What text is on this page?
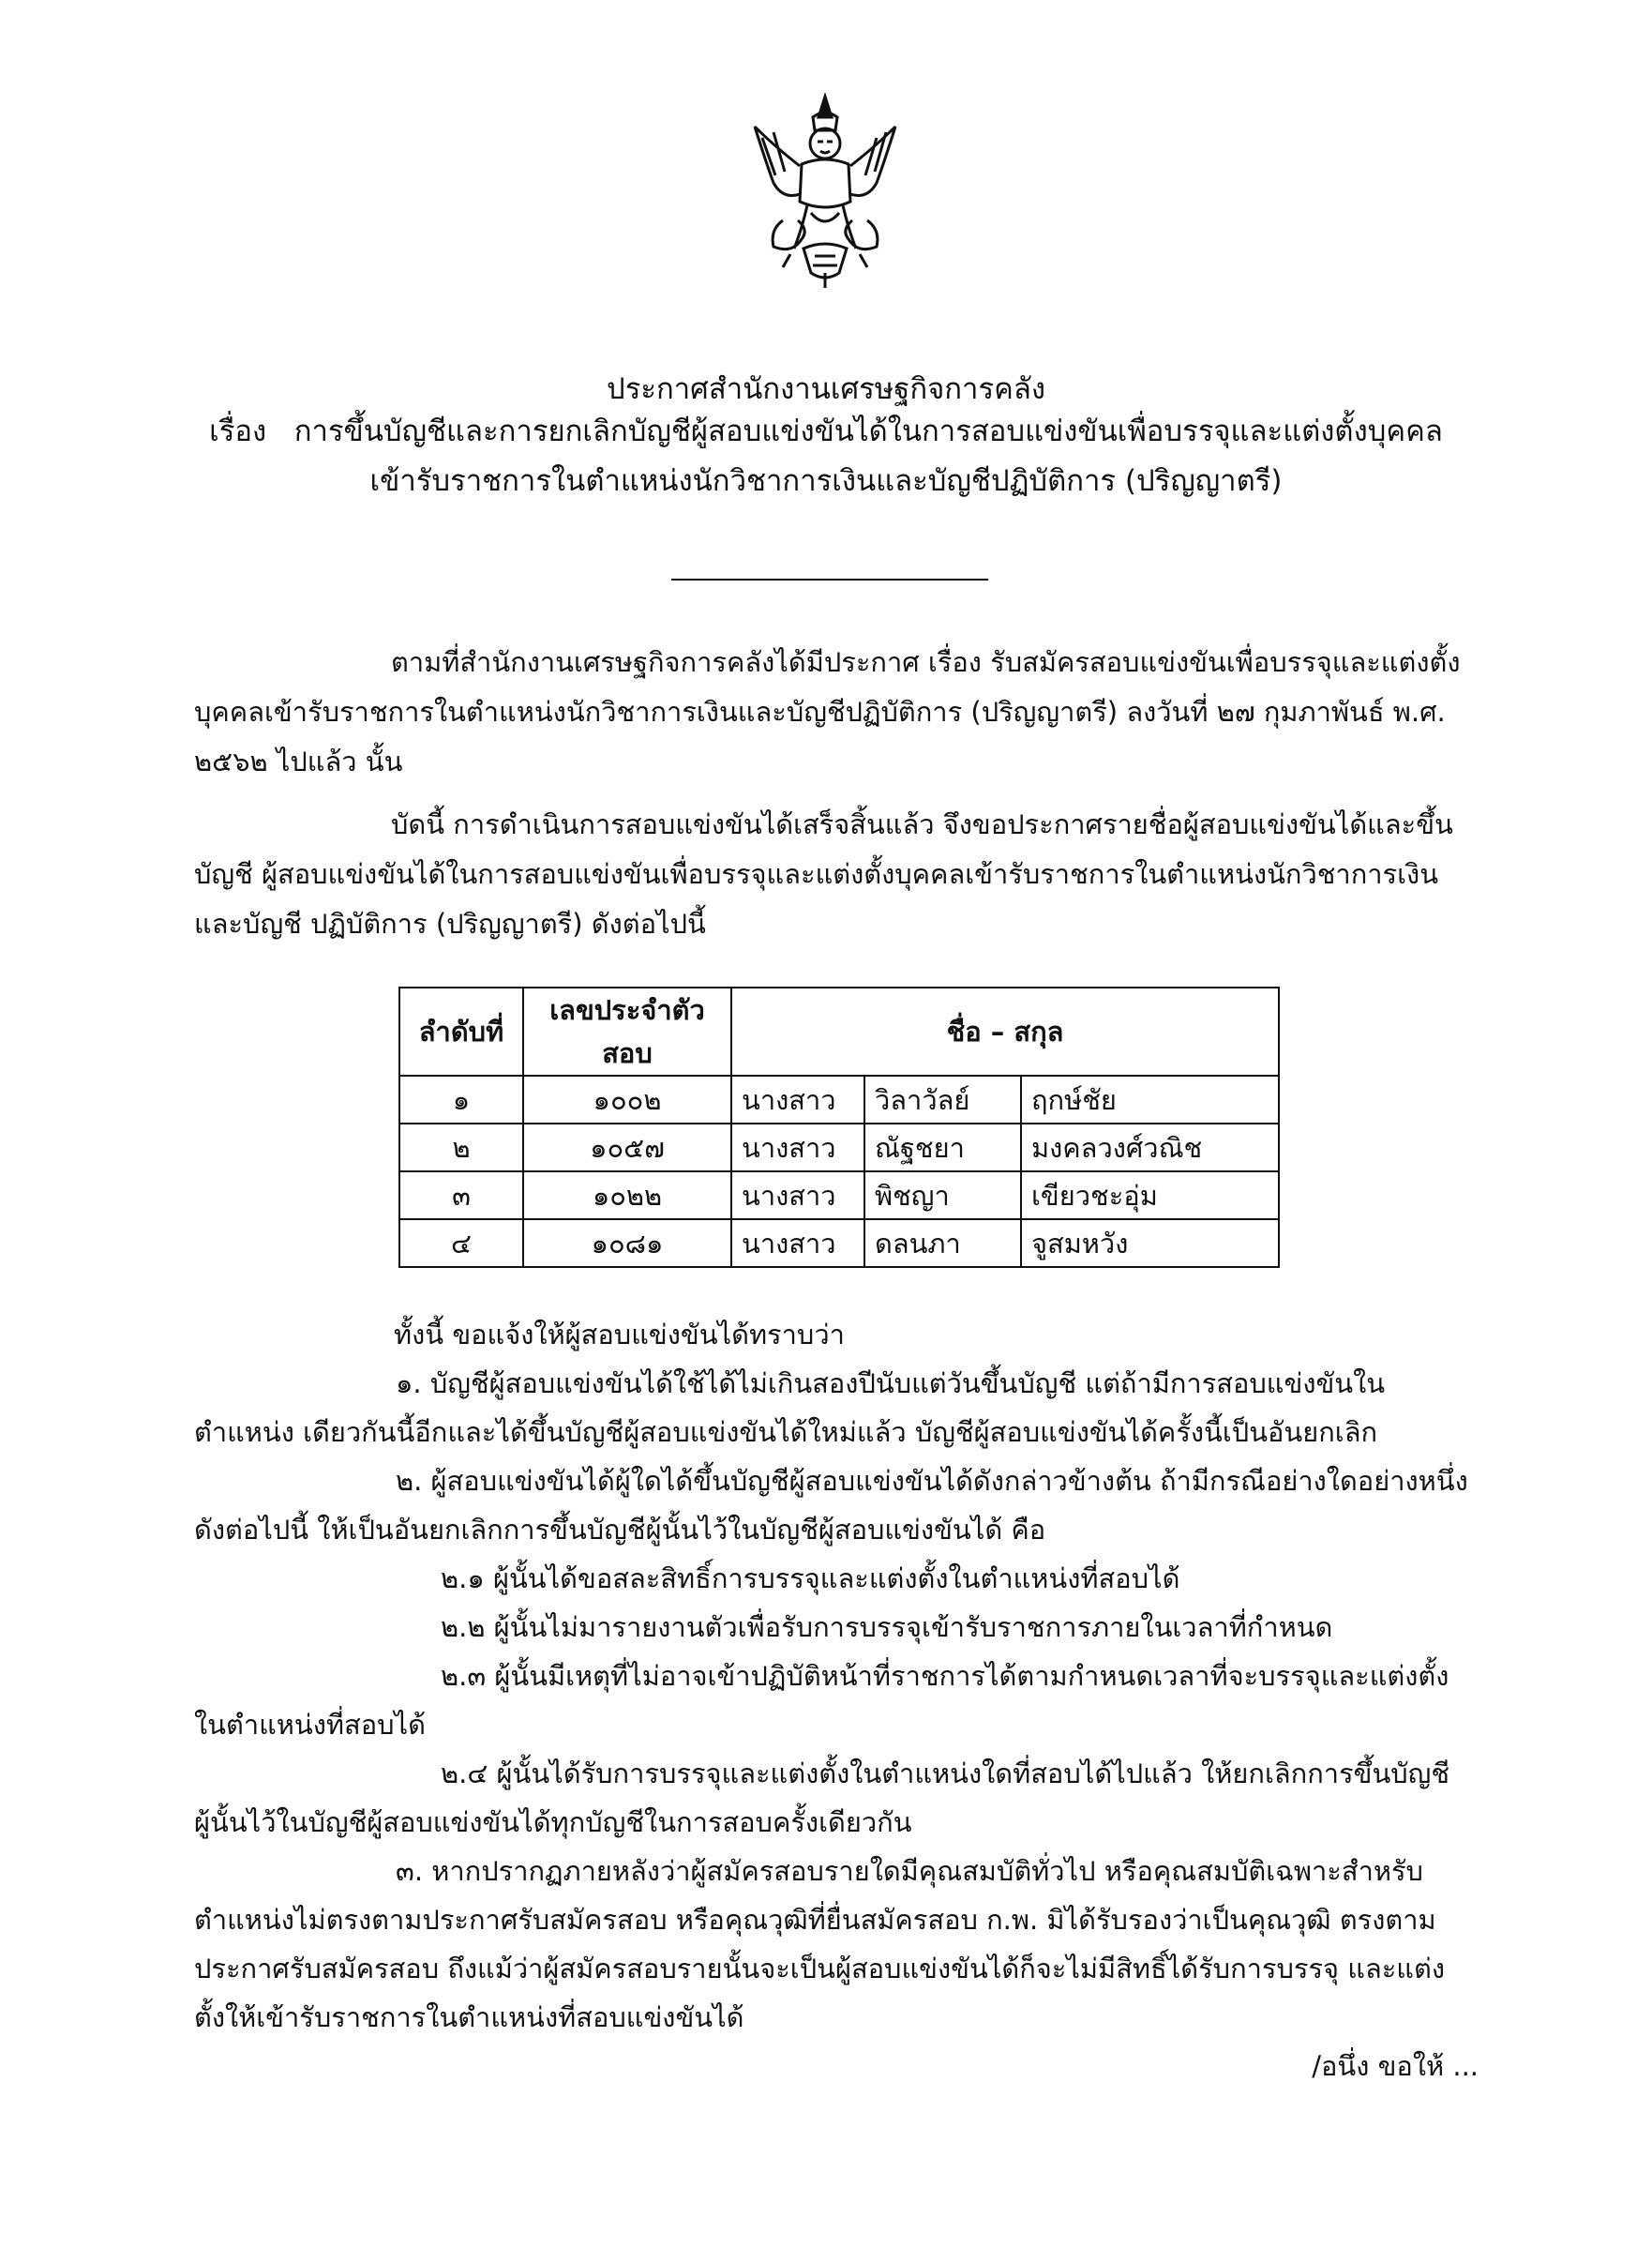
ประกาศสำนักงานเศรษฐกิจการคลัง
เรื่อง   การขึ้นบัญชีและการยกเลิกบัญชีผู้สอบแข่งขันได้ในการสอบแข่งขันเพื่อบรรจุและแต่งตั้งบุคคล
เข้ารับราชการในตำแหน่งนักวิชาการเงินและบัญชีปฏิบัติการ (ปริญญาตรี)

ตามที่สำนักงานเศรษฐกิจการคลังได้มีประกาศ เรื่อง รับสมัครสอบแข่งขันเพื่อบรรจุและแต่งตั้ง บุคคลเข้ารับราชการในตำแหน่งนักวิชาการเงินและบัญชีปฏิบัติการ (ปริญญาตรี) ลงวันที่ ๒๗ กุมภาพันธ์ พ.ศ. ๒๕๖๒ ไปแล้ว นั้น

บัดนี้ การดำเนินการสอบแข่งขันได้เสร็จสิ้นแล้ว จึงขอประกาศรายชื่อผู้สอบแข่งขันได้และขึ้นบัญชี ผู้สอบแข่งขันได้ในการสอบแข่งขันเพื่อบรรจุและแต่งตั้งบุคคลเข้ารับราชการในตำแหน่งนักวิชาการเงินและบัญชี ปฏิบัติการ (ปริญญาตรี) ดังต่อไปนี้

ลำดับที่	เลขประจำตัวสอบ	ชื่อ – สกุล		
๑	๑๐๐๒	นางสาว	วิลาวัลย์	ฤกษ์ชัย
๒	๑๐๕๗	นางสาว	ณัฐชยา	มงคลวงศ์วณิช
๓	๑๐๒๒	นางสาว	พิชญา	เขียวชะอุ่ม
๔	๑๐๘๑	นางสาว	ดลนภา	จูสมหวัง

ทั้งนี้ ขอแจ้งให้ผู้สอบแข่งขันได้ทราบว่า

๑. บัญชีผู้สอบแข่งขันได้ใช้ได้ไม่เกินสองปีนับแต่วันขึ้นบัญชี แต่ถ้ามีการสอบแข่งขันในตำแหน่ง เดียวกันนี้อีกและได้ขึ้นบัญชีผู้สอบแข่งขันได้ใหม่แล้ว บัญชีผู้สอบแข่งขันได้ครั้งนี้เป็นอันยกเลิก

๒. ผู้สอบแข่งขันได้ผู้ใดได้ขึ้นบัญชีผู้สอบแข่งขันได้ดังกล่าวข้างต้น ถ้ามีกรณีอย่างใดอย่างหนึ่ง ดังต่อไปนี้ ให้เป็นอันยกเลิกการขึ้นบัญชีผู้นั้นไว้ในบัญชีผู้สอบแข่งขันได้ คือ

๒.๑ ผู้นั้นได้ขอสละสิทธิ์การบรรจุและแต่งตั้งในตำแหน่งที่สอบได้

๒.๒ ผู้นั้นไม่มารายงานตัวเพื่อรับการบรรจุเข้ารับราชการภายในเวลาที่กำหนด

๒.๓ ผู้นั้นมีเหตุที่ไม่อาจเข้าปฏิบัติหน้าที่ราชการได้ตามกำหนดเวลาที่จะบรรจุและแต่งตั้ง ในตำแหน่งที่สอบได้

๒.๔ ผู้นั้นได้รับการบรรจุและแต่งตั้งในตำแหน่งใดที่สอบได้ไปแล้ว ให้ยกเลิกการขึ้นบัญชี ผู้นั้นไว้ในบัญชีผู้สอบแข่งขันได้ทุกบัญชีในการสอบครั้งเดียวกัน

๓. หากปรากฏภายหลังว่าผู้สมัครสอบรายใดมีคุณสมบัติทั่วไป หรือคุณสมบัติเฉพาะสำหรับ ตำแหน่งไม่ตรงตามประกาศรับสมัครสอบ หรือคุณวุฒิที่ยื่นสมัครสอบ ก.พ. มิได้รับรองว่าเป็นคุณวุฒิ ตรงตามประกาศรับสมัครสอบ ถึงแม้ว่าผู้สมัครสอบรายนั้นจะเป็นผู้สอบแข่งขันได้ก็จะไม่มีสิทธิ์ได้รับการบรรจุ และแต่งตั้งให้เข้ารับราชการในตำแหน่งที่สอบแข่งขันได้

/อนึ่ง ขอให้ ...
